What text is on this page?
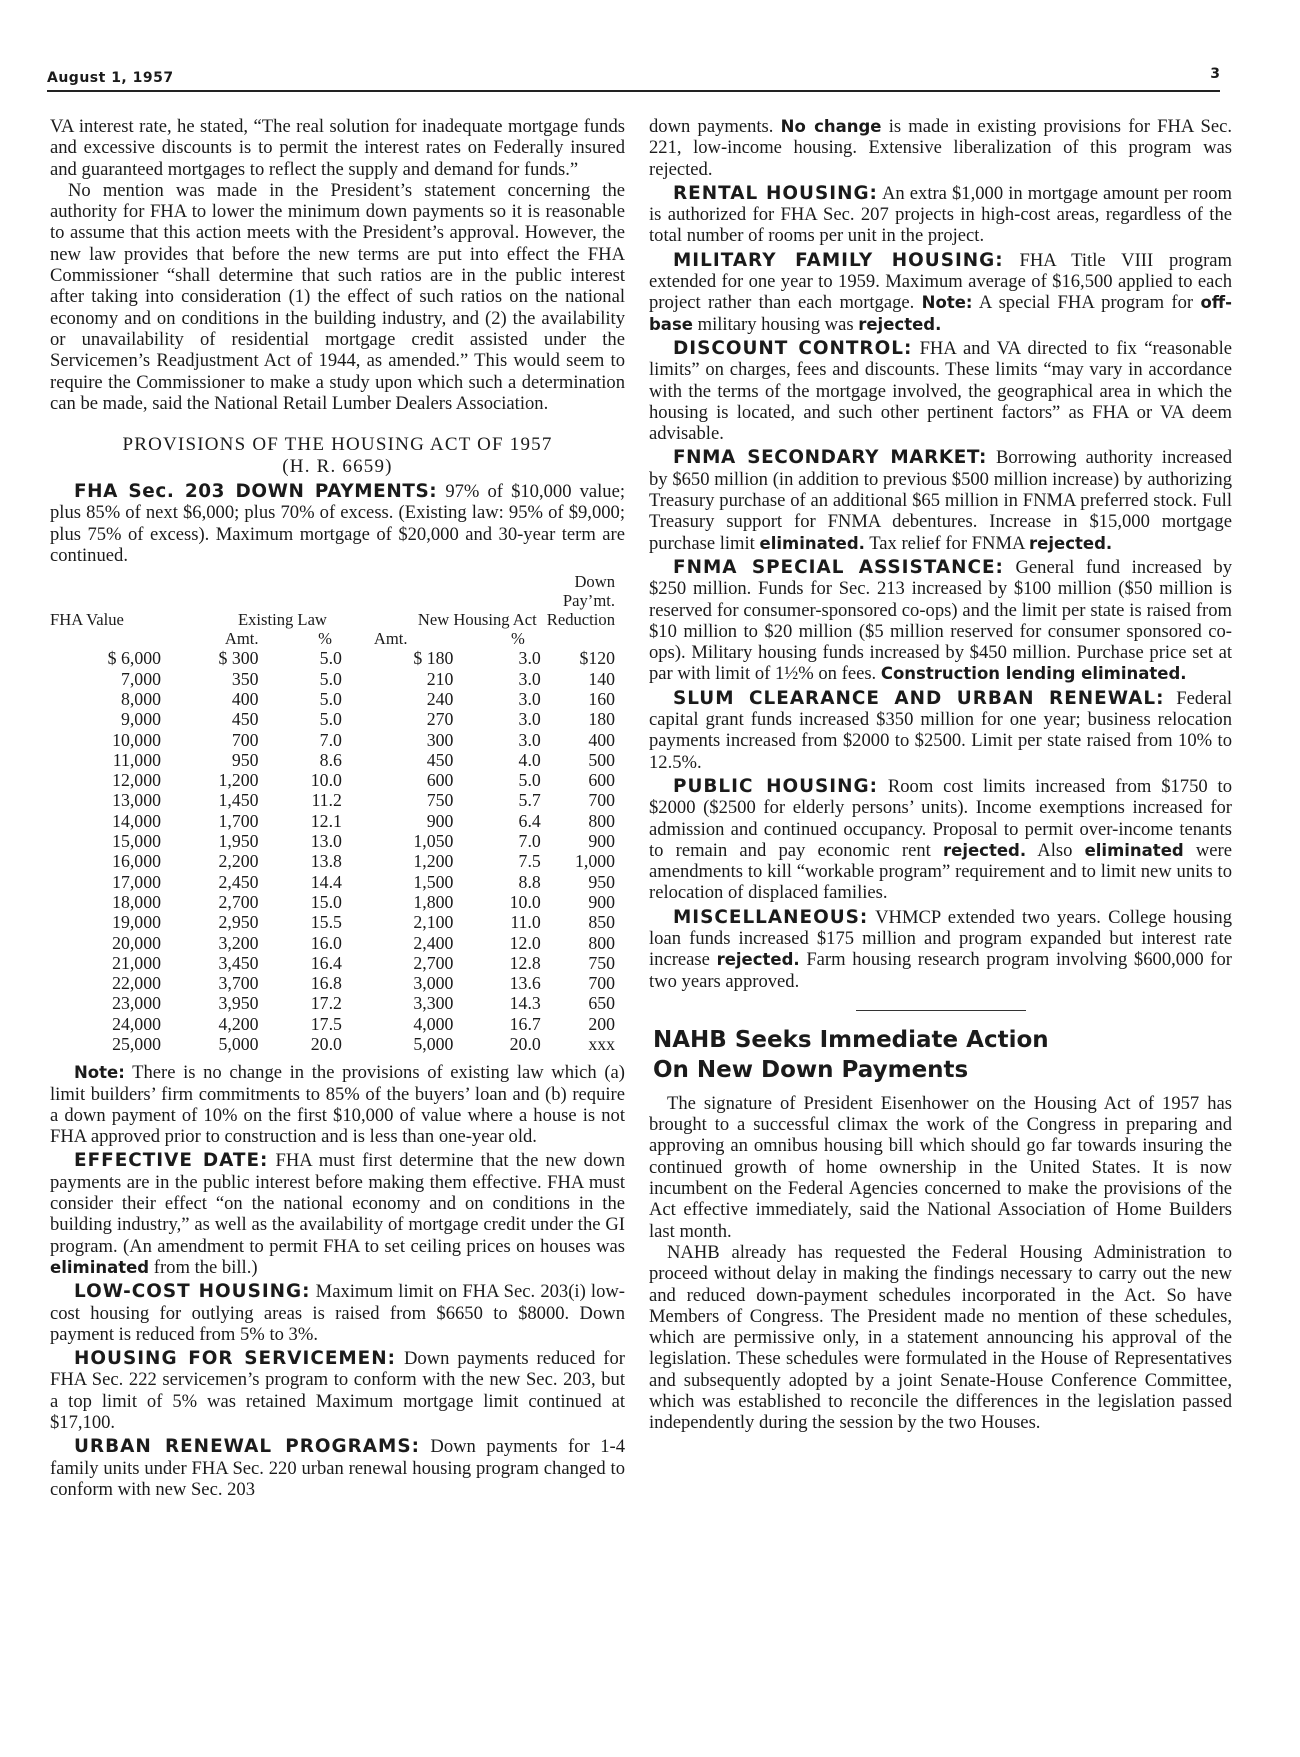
August 1, 1957	3

VA interest rate, he stated, “The real solution for inadequate mortgage funds and excessive discounts is to permit the interest rates on Federally insured and guaranteed mortgages to reflect the supply and demand for funds.”

No mention was made in the President’s statement concerning the authority for FHA to lower the minimum down payments so it is reasonable to assume that this action meets with the President’s approval. However, the new law provides that before the new terms are put into effect the FHA Commissioner “shall determine that such ratios are in the public interest after taking into consideration (1) the effect of such ratios on the national economy and on conditions in the building industry, and (2) the availability or unavailability of residential mortgage credit assisted under the Servicemen’s Readjustment Act of 1944, as amended.” This would seem to require the Commissioner to make a study upon which such a determination can be made, said the National Retail Lumber Dealers Association.

PROVISIONS OF THE HOUSING ACT OF 1957
(H. R. 6659)

FHA Sec. 203 DOWN PAYMENTS: 97% of $10,000 value; plus 85% of next $6,000; plus 70% of excess. (Existing law: 95% of $9,000; plus 75% of excess). Maximum mortgage of $20,000 and 30-year term are continued.

					Down
					Pay’mt.
FHA Value	Existing Law		New Housing Act		Reduction
	Amt.	%	Amt.	%	
$ 6,000	$ 300	5.0	$ 180	3.0	$120
7,000	350	5.0	210	3.0	140
8,000	400	5.0	240	3.0	160
9,000	450	5.0	270	3.0	180
10,000	700	7.0	300	3.0	400
11,000	950	8.6	450	4.0	500
12,000	1,200	10.0	600	5.0	600
13,000	1,450	11.2	750	5.7	700
14,000	1,700	12.1	900	6.4	800
15,000	1,950	13.0	1,050	7.0	900
16,000	2,200	13.8	1,200	7.5	1,000
17,000	2,450	14.4	1,500	8.8	950
18,000	2,700	15.0	1,800	10.0	900
19,000	2,950	15.5	2,100	11.0	850
20,000	3,200	16.0	2,400	12.0	800
21,000	3,450	16.4	2,700	12.8	750
22,000	3,700	16.8	3,000	13.6	700
23,000	3,950	17.2	3,300	14.3	650
24,000	4,200	17.5	4,000	16.7	200
25,000	5,000	20.0	5,000	20.0	xxx

Note: There is no change in the provisions of existing law which (a) limit builders’ firm commitments to 85% of the buyers’ loan and (b) require a down payment of 10% on the first $10,000 of value where a house is not FHA approved prior to construction and is less than one-year old.

EFFECTIVE DATE: FHA must first determine that the new down payments are in the public interest before making them effective. FHA must consider their effect “on the national economy and on conditions in the building industry,” as well as the availability of mortgage credit under the GI program. (An amendment to permit FHA to set ceiling prices on houses was eliminated from the bill.)

LOW-COST HOUSING: Maximum limit on FHA Sec. 203(i) low-cost housing for outlying areas is raised from $6650 to $8000. Down payment is reduced from 5% to 3%.

HOUSING FOR SERVICEMEN: Down payments reduced for FHA Sec. 222 servicemen’s program to conform with the new Sec. 203, but a top limit of 5% was retained Maximum mortgage limit continued at $17,100.

URBAN RENEWAL PROGRAMS: Down payments for 1-4 family units under FHA Sec. 220 urban renewal housing program changed to conform with new Sec. 203

down payments. No change is made in existing provisions for FHA Sec. 221, low-income housing. Extensive liberalization of this program was rejected.

RENTAL HOUSING: An extra $1,000 in mortgage amount per room is authorized for FHA Sec. 207 projects in high-cost areas, regardless of the total number of rooms per unit in the project.

MILITARY FAMILY HOUSING: FHA Title VIII program extended for one year to 1959. Maximum average of $16,500 applied to each project rather than each mortgage. Note: A special FHA program for off-base military housing was rejected.

DISCOUNT CONTROL: FHA and VA directed to fix “reasonable limits” on charges, fees and discounts. These limits “may vary in accordance with the terms of the mortgage involved, the geographical area in which the housing is located, and such other pertinent factors” as FHA or VA deem advisable.

FNMA SECONDARY MARKET: Borrowing authority increased by $650 million (in addition to previous $500 million increase) by authorizing Treasury purchase of an additional $65 million in FNMA preferred stock. Full Treasury support for FNMA debentures. Increase in $15,000 mortgage purchase limit eliminated. Tax relief for FNMA rejected.

FNMA SPECIAL ASSISTANCE: General fund increased by $250 million. Funds for Sec. 213 increased by $100 million ($50 million is reserved for consumer-sponsored co-ops) and the limit per state is raised from $10 million to $20 million ($5 million reserved for consumer sponsored co-ops). Military housing funds increased by $450 million. Purchase price set at par with limit of 1½% on fees. Construction lending eliminated.

SLUM CLEARANCE AND URBAN RENEWAL: Federal capital grant funds increased $350 million for one year; business relocation payments increased from $2000 to $2500. Limit per state raised from 10% to 12.5%.

PUBLIC HOUSING: Room cost limits increased from $1750 to $2000 ($2500 for elderly persons’ units). Income exemptions increased for admission and continued occupancy. Proposal to permit over-income tenants to remain and pay economic rent rejected. Also eliminated were amendments to kill “workable program” requirement and to limit new units to relocation of displaced families.

MISCELLANEOUS: VHMCP extended two years. College housing loan funds increased $175 million and program expanded but interest rate increase rejected. Farm housing research program involving $600,000 for two years approved.

NAHB Seeks Immediate Action
On New Down Payments

The signature of President Eisenhower on the Housing Act of 1957 has brought to a successful climax the work of the Congress in preparing and approving an omnibus housing bill which should go far towards insuring the continued growth of home ownership in the United States. It is now incumbent on the Federal Agencies concerned to make the provisions of the Act effective immediately, said the National Association of Home Builders last month.

NAHB already has requested the Federal Housing Administration to proceed without delay in making the findings necessary to carry out the new and reduced down-payment schedules incorporated in the Act. So have Members of Congress. The President made no mention of these schedules, which are permissive only, in a statement announcing his approval of the legislation. These schedules were formulated in the House of Representatives and subsequently adopted by a joint Senate-House Conference Committee, which was established to reconcile the differences in the legislation passed independently during the session by the two Houses.
